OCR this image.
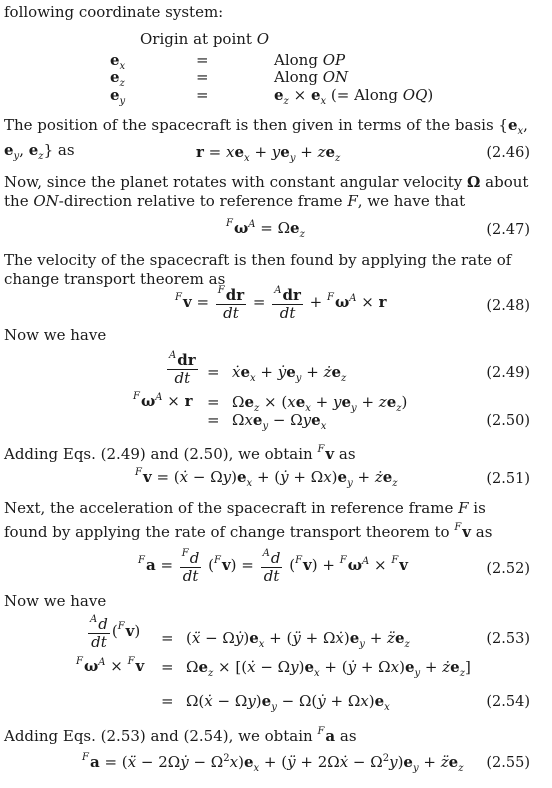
following coordinate system:
Origin at point O
$e_x$	=	Along OP
$e_z$	=	Along ON
$e_y$	=	$e_z \times e_x$ (= Along OQ)
The position of the spacecraft is then given in terms of the basis {$e_x$, $e_y$, $e_z$} as	$r = xe_x + ye_y + ze_z$	(2.46)
Now, since the planet rotates with constant angular velocity Ω about the ON-direction relative to reference frame F, we have that
$^F\omega^A = \Omega e_z$	(2.47)
The velocity of the spacecraft is then found by applying the rate of change transport theorem as
$^Fv = \frac{^Fdr}{dt} = \frac{^Adr}{dt} + ^F\omega^A \times r$	(2.48)
Now we have
$\frac{^Adr}{dt}$ = ẋe$_x$ + ẏe$_y$ + $że_z$	(2.49)
$^F\omega^A \times r = \Omega e_z \times (xe_x + ye_y + ze_z)$
= Ωxe$_y$ − Ωye$_x$	(2.50)
Adding Eqs. (2.49) and (2.50), we obtain $^F$v as
$^F$v = (ẋ − $\Omega y)e_x$ + (ẏ + $\Omega x)e_y$ + $że_z$	(2.51)
Next, the acceleration of the spacecraft in reference frame F is found by applying the rate of change transport theorem to $^F$v as
$^Fa = \frac{^Fd}{dt} (^Fv) = \frac{^Ad}{dt} (^Fv) + ^F\omega^A \times ^Fv$	(2.52)
Now we have
$\frac{^Ad}{dt} (^Fv)$ = (ẍ − $\Omega ẏ)e_x$ + (ÿ + $\Omega ẋ)e_y$ + $z̈e_z$	(2.53)
$^F\omega^A \times ^Fv = \Omega e_z$ × [(ẋ − $\Omega y)e_x$ + (ẏ + $\Omega x)e_y$ + $że_z$]
= Ω(ẋ − $\Omega y)e_y$ − Ω(ẏ + $\Omega x)e_x$	(2.54)
Adding Eqs. (2.53) and (2.54), we obtain $^F$a as
$^F$a = (ẍ − 2Ωẏ − $\Omega^2x)e_x$ + (ÿ + 2Ωẋ − $\Omega^2y)e_y$ + $z̈e_z$ (2.55)
